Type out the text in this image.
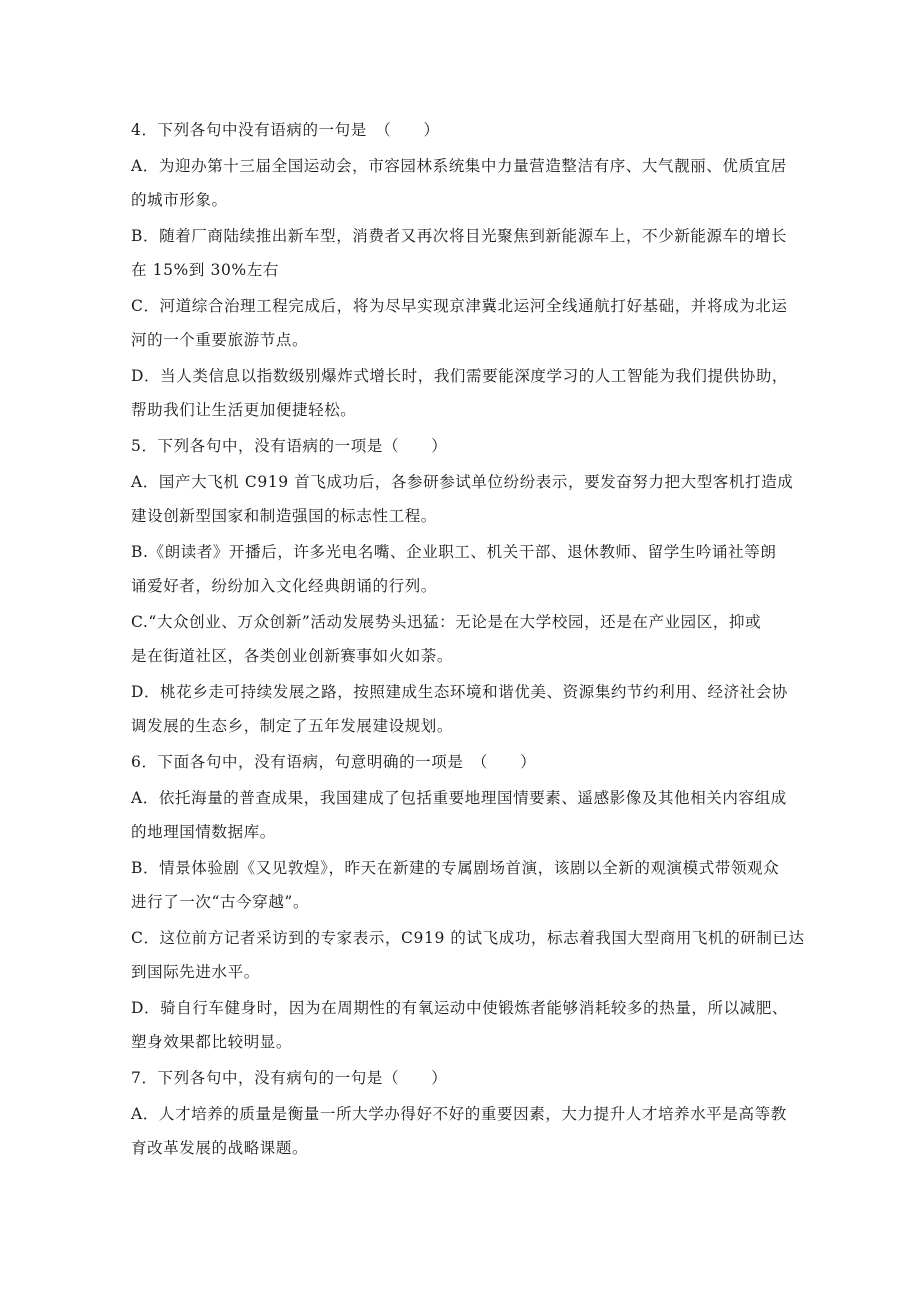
4．下列各句中没有语病的一句是　（　　）
A．为迎办第十三届全国运动会，市容园林系统集中力量营造整洁有序、大气靓丽、优质宜居
的城市形象。
B．随着厂商陆续推出新车型，消费者又再次将目光聚焦到新能源车上，不少新能源车的增长
在 15%到 30%左右
C．河道综合治理工程完成后，将为尽早实现京津冀北运河全线通航打好基础，并将成为北运
河的一个重要旅游节点。
D．当人类信息以指数级别爆炸式增长时，我们需要能深度学习的人工智能为我们提供协助，
帮助我们让生活更加便捷轻松。
5．下列各句中，没有语病的一项是（　　）
A．国产大飞机 C919 首飞成功后，各参研参试单位纷纷表示，要发奋努力把大型客机打造成
建设创新型国家和制造强国的标志性工程。
B.《朗读者》开播后，许多光电名嘴、企业职工、机关干部、退休教师、留学生吟诵社等朗
诵爱好者，纷纷加入文化经典朗诵的行列。
C.“大众创业、万众创新”活动发展势头迅猛：无论是在大学校园，还是在产业园区，抑或
是在街道社区，各类创业创新赛事如火如荼。
D．桃花乡走可持续发展之路，按照建成生态环境和谐优美、资源集约节约利用、经济社会协
调发展的生态乡，制定了五年发展建设规划。
6．下面各句中，没有语病，句意明确的一项是　（　　）
A．依托海量的普查成果，我国建成了包括重要地理国情要素、遥感影像及其他相关内容组成
的地理国情数据库。
B．情景体验剧《又见敦煌》，昨天在新建的专属剧场首演，该剧以全新的观演模式带领观众
进行了一次“古今穿越”。
C．这位前方记者采访到的专家表示，C919 的试飞成功，标志着我国大型商用飞机的研制已达
到国际先进水平。
D．骑自行车健身时，因为在周期性的有氧运动中使锻炼者能够消耗较多的热量，所以减肥、
塑身效果都比较明显。
7．下列各句中，没有病句的一句是（　　）
A．人才培养的质量是衡量一所大学办得好不好的重要因素，大力提升人才培养水平是高等教
育改革发展的战略课题。
